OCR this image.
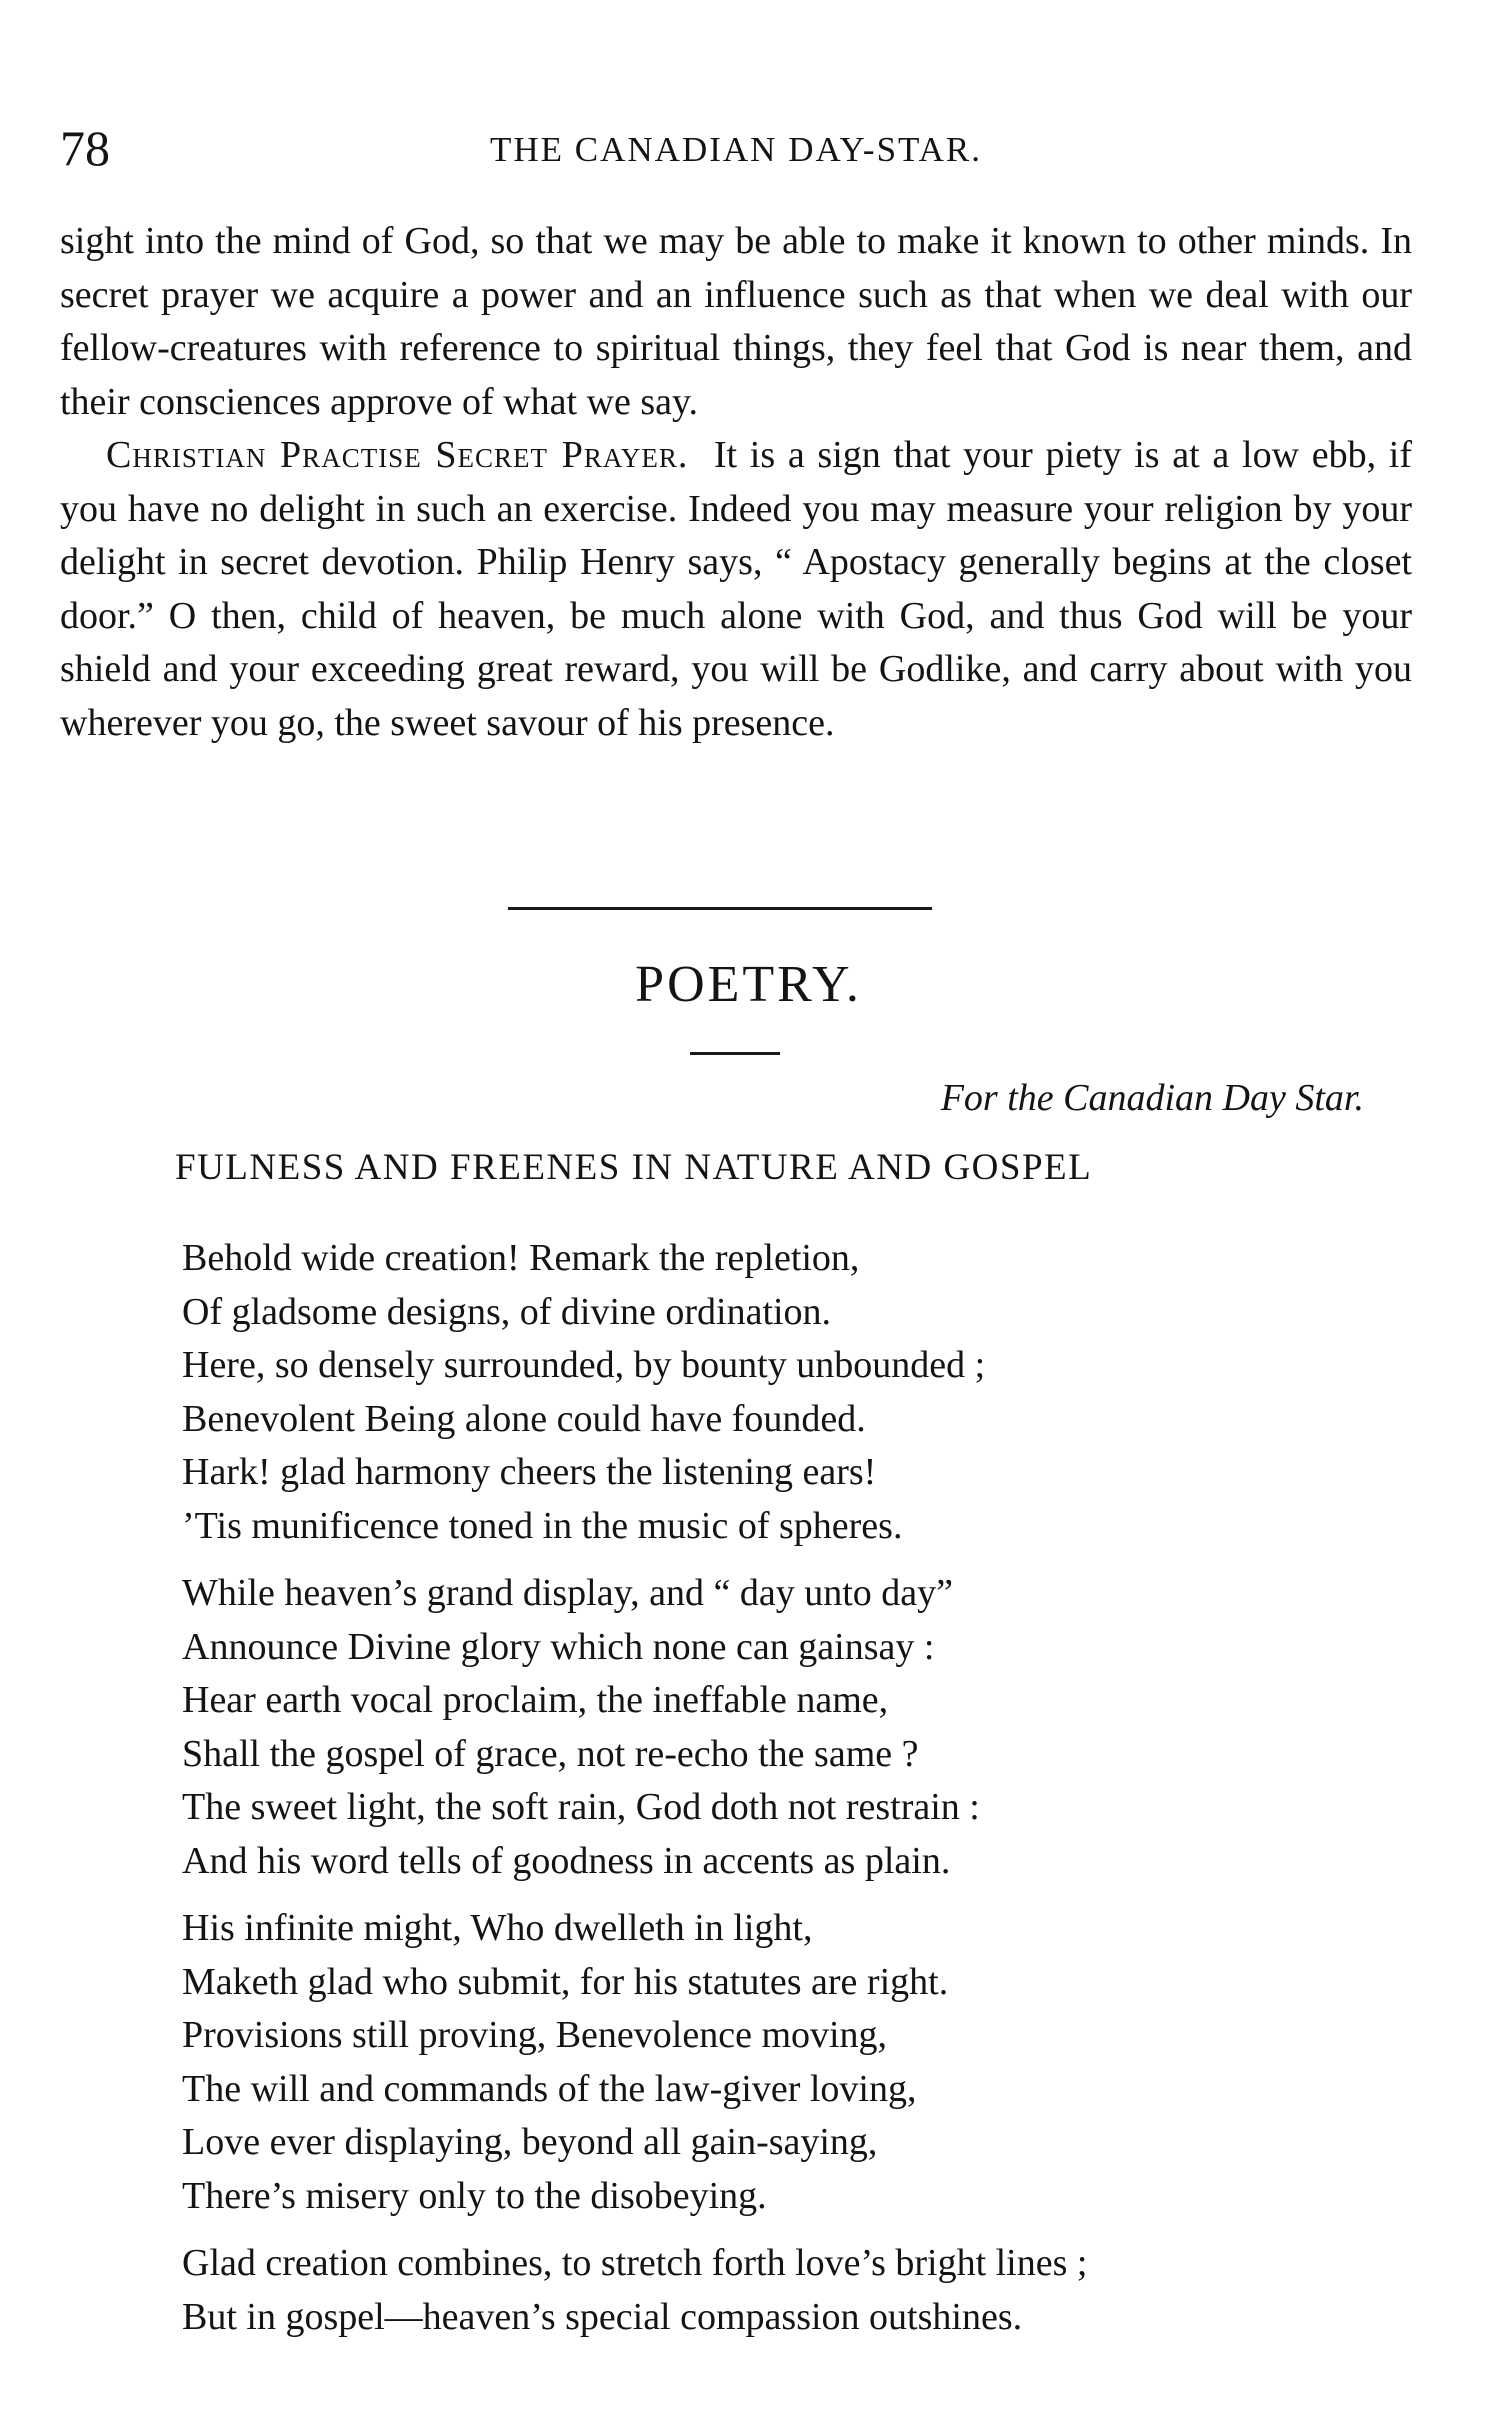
78	THE CANADIAN DAY-STAR.

sight into the mind of God, so that we may be able to make it known to other minds. In secret prayer we acquire a power and an influence such as that when we deal with our fellow-creatures with reference to spiritual things, they feel that God is near them, and their consciences approve of what we say.

Christian Practise Secret Prayer. It is a sign that your piety is at a low ebb, if you have no delight in such an exercise. Indeed you may measure your religion by your delight in secret devotion. Philip Henry says, “ Apostacy generally begins at the closet door.” O then, child of heaven, be much alone with God, and thus God will be your shield and your exceeding great reward, you will be Godlike, and carry about with you wherever you go, the sweet savour of his presence.

POETRY.
For the Canadian Day Star.
FULNESS AND FREENES IN NATURE AND GOSPEL
Behold wide creation! Remark the repletion,
Of gladsome designs, of divine ordination.
Here, so densely surrounded, by bounty unbounded ;
Benevolent Being alone could have founded.
Hark! glad harmony cheers the listening ears!
’Tis munificence toned in the music of spheres.
While heaven’s grand display, and “ day unto day”
Announce Divine glory which none can gainsay :
Hear earth vocal proclaim, the ineffable name,
Shall the gospel of grace, not re-echo the same ?
The sweet light, the soft rain, God doth not restrain :
And his word tells of goodness in accents as plain.
His infinite might, Who dwelleth in light,
Maketh glad who submit, for his statutes are right.
Provisions still proving, Benevolence moving,
The will and commands of the law-giver loving,
Love ever displaying, beyond all gain-saying,
There’s misery only to the disobeying.
Glad creation combines, to stretch forth love’s bright lines ;
But in gospel—heaven’s special compassion outshines.
